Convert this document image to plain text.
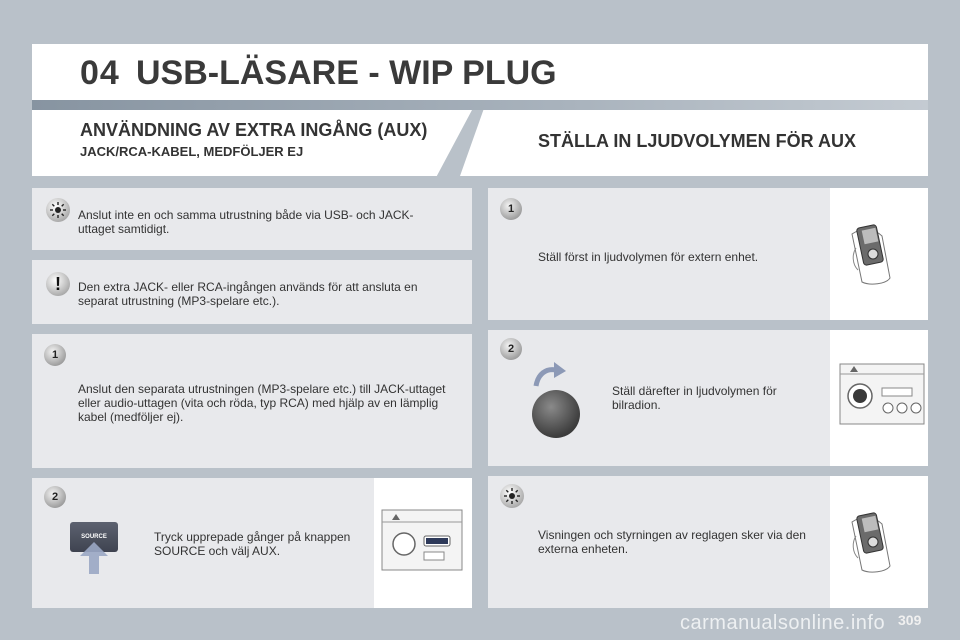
04 USB-LÄSARE - WIP PLUG
ANVÄNDNING AV EXTRA INGÅNG (AUX)
JACK/RCA-KABEL, MEDFÖLJER EJ
STÄLLA IN LJUDVOLYMEN FÖR AUX
Anslut inte en och samma utrustning både via USB- och JACK-uttaget samtidigt.
!	Den extra JACK- eller RCA-ingången används för att ansluta en separat utrustning (MP3-spelare etc.).
1
Anslut den separata utrustningen (MP3-spelare etc.) till JACK-uttaget eller audio-uttagen (vita och röda, typ RCA) med hjälp av en lämplig kabel (medföljer ej).
2
SOURCE	Tryck upprepade gånger på knappen SOURCE och välj AUX.
1
Ställ först in ljudvolymen för extern enhet.
2
Ställ därefter in ljudvolymen för bilradion.
Visningen och styrningen av reglagen sker via den externa enheten.
carmanualsonline.info 309
